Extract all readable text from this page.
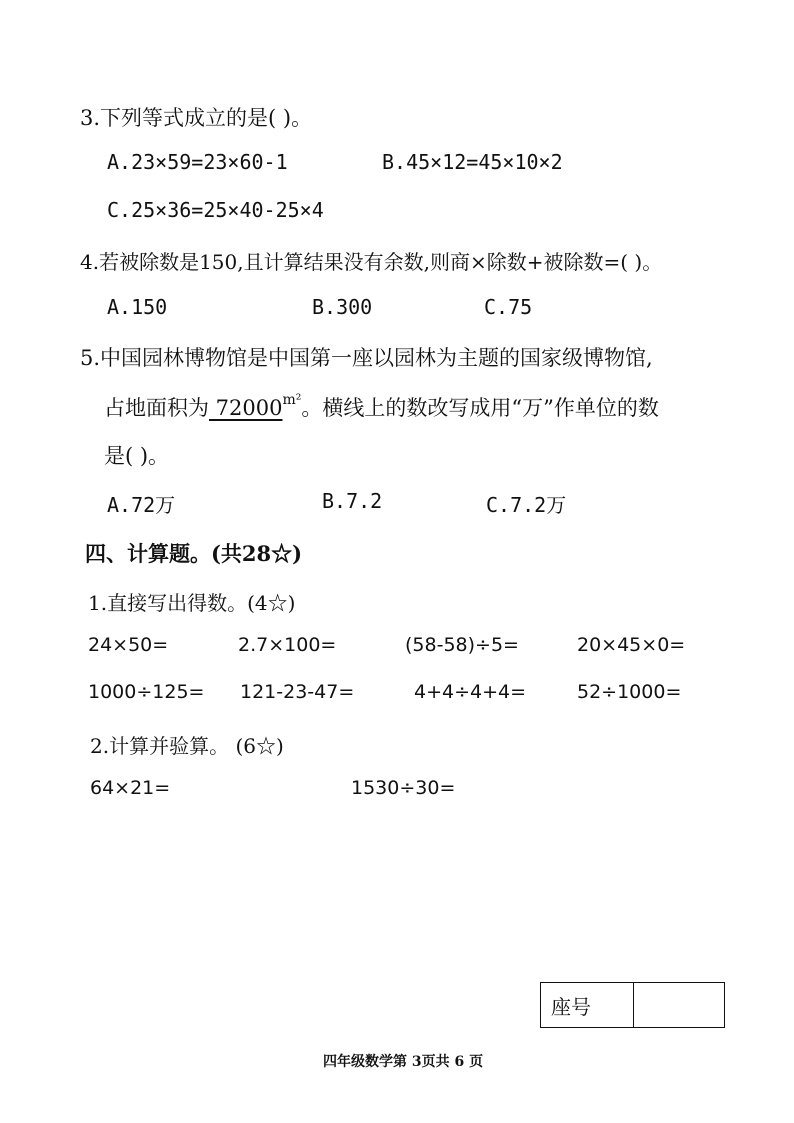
3.下列等式成立的是( )。
A.23×59=23×60-1	B.45×12=45×10×2
C.25×36=25×40-25×4
4.若被除数是150,且计算结果没有余数,则商×除数+被除数=( )。
A.150	B.300	C.75
5.中国园林博物馆是中国第一座以园林为主题的国家级博物馆,
占地面积为 $72000^{m^2}$。横线上的数改写成用“万”作单位的数
是( )。
A.72万	B.7.2	C.7.2万
四、计算题。(共28☆)
1.直接写出得数。(4☆)
24×50=	2.7×100=	(58-58)÷5=	20×45×0=
1000÷125= 121-23-47=	4+4÷4+4=	52÷1000=
2.计算并验算。 (6☆)
64×21=	1530÷30=
座号
四年级数学第 3页共 6 页
